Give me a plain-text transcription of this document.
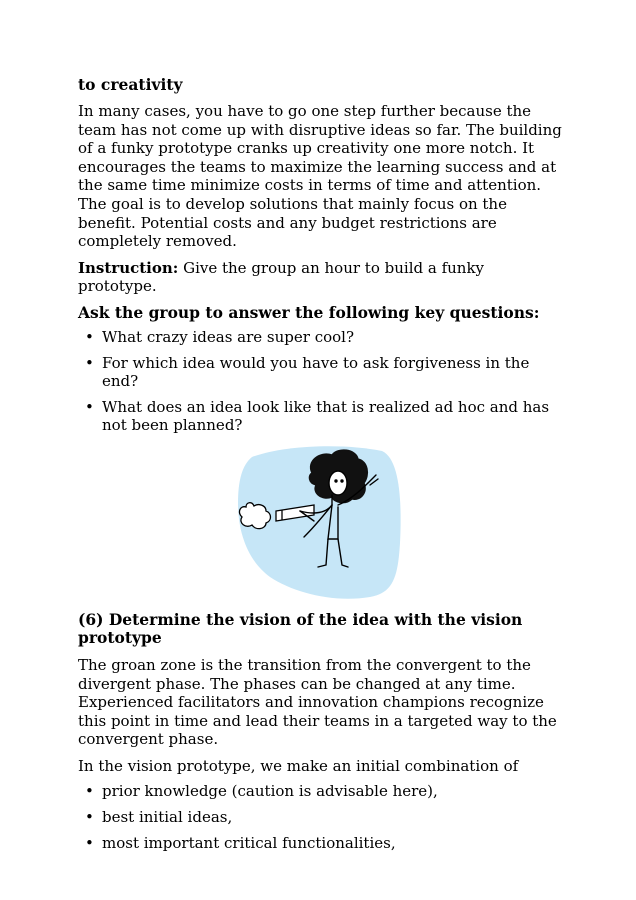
to creativity

In many cases, you have to go one step further because the team has not come up with disruptive ideas so far. The building of a funky prototype cranks up creativity one more notch. It encourages the teams to maximize the learning success and at the same time minimize costs in terms of time and attention. The goal is to develop solutions that mainly focus on the benefit. Potential costs and any budget restrictions are completely removed.

Instruction: Give the group an hour to build a funky prototype.

Ask the group to answer the following key questions:
• What crazy ideas are super cool?
• For which idea would you have to ask forgiveness in the end?
• What does an idea look like that is realized ad hoc and has not been planned?
(6) Determine the vision of the idea with the vision prototype

The groan zone is the transition from the convergent to the divergent phase. The phases can be changed at any time. Experienced facilitators and innovation champions recognize this point in time and lead their teams in a targeted way to the convergent phase.

In the vision prototype, we make an initial combination of

• prior knowledge (caution is advisable here),
• best initial ideas,
• most important critical functionalities,
